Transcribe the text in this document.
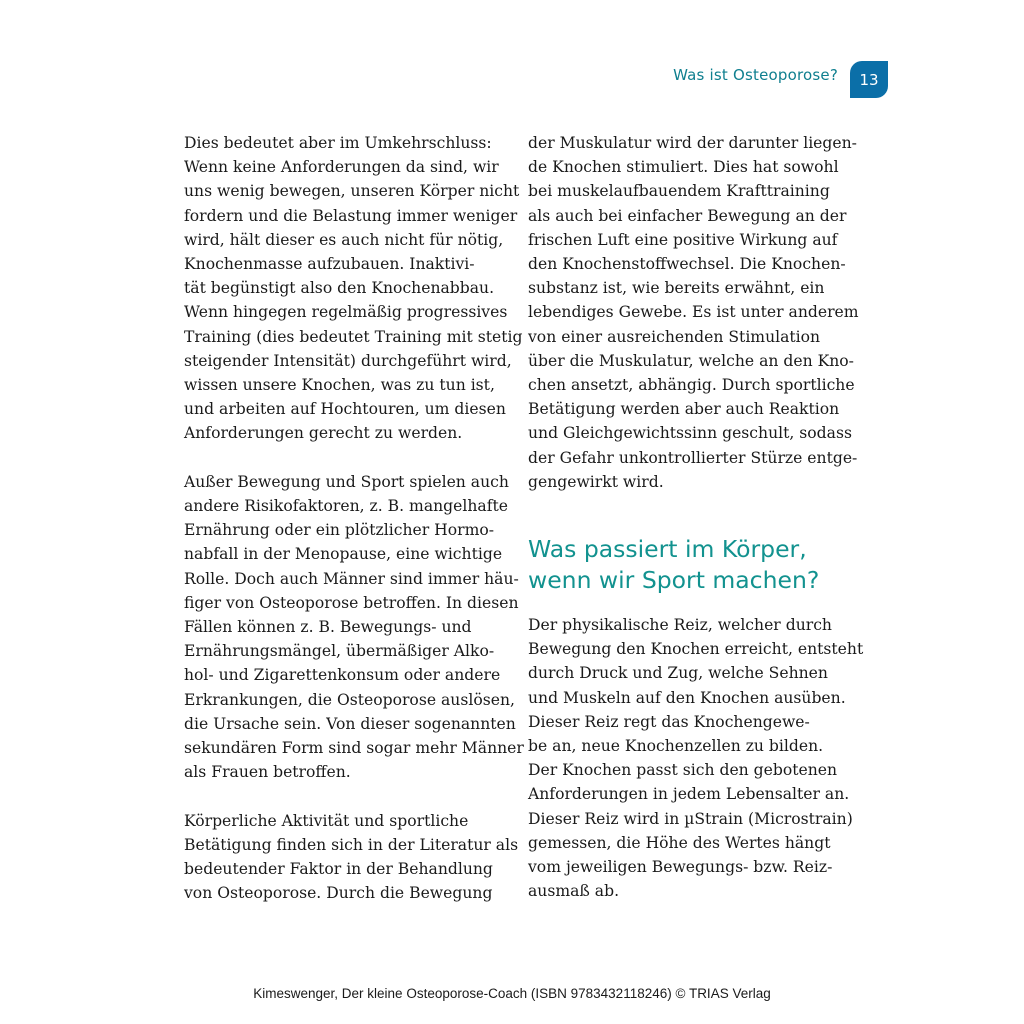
Was ist Osteoporose? 13

Dies bedeutet aber im Umkehrschluss:
Wenn keine Anforderungen da sind, wir
uns wenig bewegen, unseren Körper nicht
fordern und die Belastung immer weniger
wird, hält dieser es auch nicht für nötig,
Knochenmasse aufzubauen. Inaktivi-
tät begünstigt also den Knochenabbau.
Wenn hingegen regelmäßig progressives
Training (dies bedeutet Training mit stetig
steigender Intensität) durchgeführt wird,
wissen unsere Knochen, was zu tun ist,
und arbeiten auf Hochtouren, um diesen
Anforderungen gerecht zu werden.

Außer Bewegung und Sport spielen auch
andere Risikofaktoren, z. B. mangelhafte
Ernährung oder ein plötzlicher Hormo-
nabfall in der Menopause, eine wichtige
Rolle. Doch auch Männer sind immer häu-
figer von Osteoporose betroffen. In diesen
Fällen können z. B. Bewegungs- und
Ernährungsmängel, übermäßiger Alko-
hol- und Zigarettenkonsum oder andere
Erkrankungen, die Osteoporose auslösen,
die Ursache sein. Von dieser sogenannten
sekundären Form sind sogar mehr Männer
als Frauen betroffen.

Körperliche Aktivität und sportliche
Betätigung finden sich in der Literatur als
bedeutender Faktor in der Behandlung
von Osteoporose. Durch die Bewegung

der Muskulatur wird der darunter liegen-
de Knochen stimuliert. Dies hat sowohl
bei muskelaufbauendem Krafttraining
als auch bei einfacher Bewegung an der
frischen Luft eine positive Wirkung auf
den Knochenstoffwechsel. Die Knochen-
substanz ist, wie bereits erwähnt, ein
lebendiges Gewebe. Es ist unter anderem
von einer ausreichenden Stimulation
über die Muskulatur, welche an den Kno-
chen ansetzt, abhängig. Durch sportliche
Betätigung werden aber auch Reaktion
und Gleichgewichtssinn geschult, sodass
der Gefahr unkontrollierter Stürze entge-
gengewirkt wird.

Was passiert im Körper,
wenn wir Sport machen?

Der physikalische Reiz, welcher durch
Bewegung den Knochen erreicht, entsteht
durch Druck und Zug, welche Sehnen
und Muskeln auf den Knochen ausüben.
Dieser Reiz regt das Knochengewe-
be an, neue Knochenzellen zu bilden.
Der Knochen passt sich den gebotenen
Anforderungen in jedem Lebensalter an.
Dieser Reiz wird in µStrain (Microstrain)
gemessen, die Höhe des Wertes hängt
vom jeweiligen Bewegungs- bzw. Reiz-
ausmaß ab.

Kimeswenger, Der kleine Osteoporose-Coach (ISBN 9783432118246) © TRIAS Verlag
